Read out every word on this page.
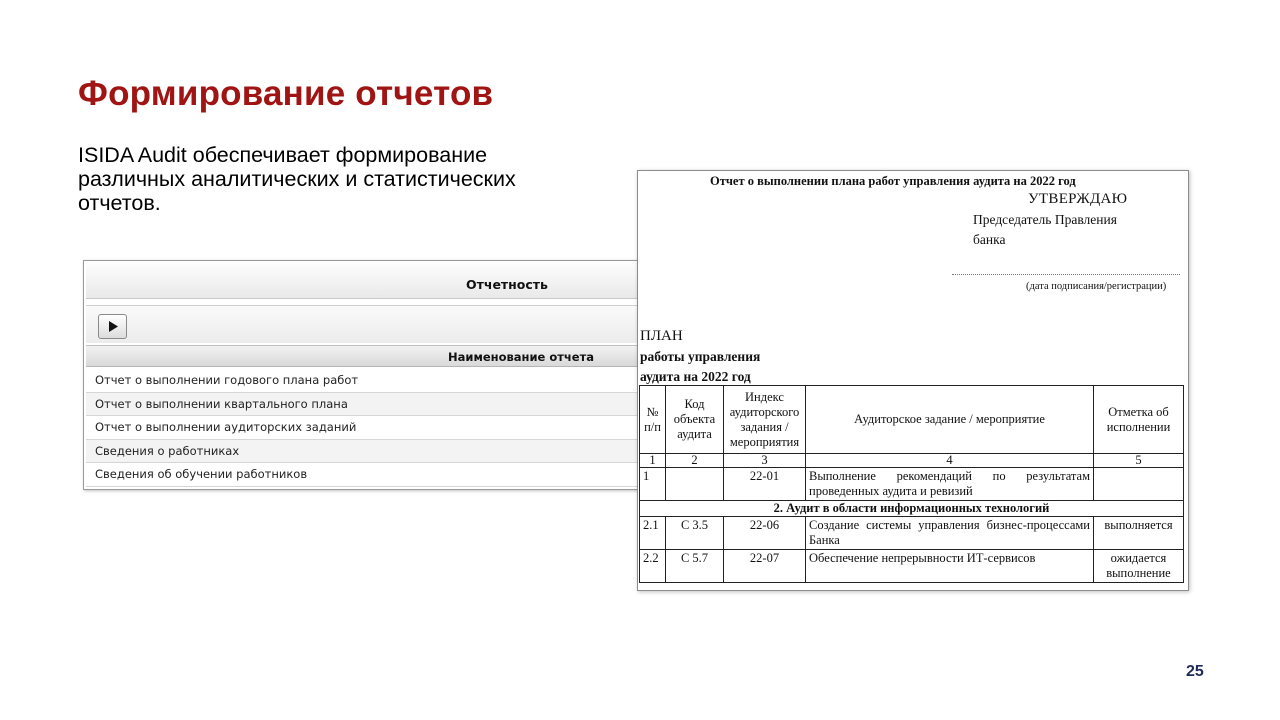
Формирование отчетов
ISIDA Audit обеспечивает формирование различных аналитических и статистических отчетов.
25
Отчетность
Наименование отчета
Отчет о выполнении годового плана работ
Отчет о выполнении квартального плана
Отчет о выполнении аудиторских заданий
Сведения о работниках
Сведения об обучении работников
Отчет о выполнении плана работ управления аудита на 2022 год
УТВЕРЖДАЮ
Председатель Правления
банка
(дата подписания/регистрации)
ПЛАН
работы управления
аудита на 2022 год
№ п/п	Код объекта аудита	Индекс аудиторского задания / мероприятия	Аудиторское задание / мероприятие	Отметка об исполнении
1	2	3	4	5
1		22-01	Выполнение рекомендаций по результатам проведенных аудита и ревизий	
2. Аудит в области информационных технологий				
2.1	С 3.5	22-06	Создание системы управления бизнес-процессами Банка	выполняется
2.2	С 5.7	22-07	Обеспечение непрерывности ИТ-сервисов	ожидается выполнение
